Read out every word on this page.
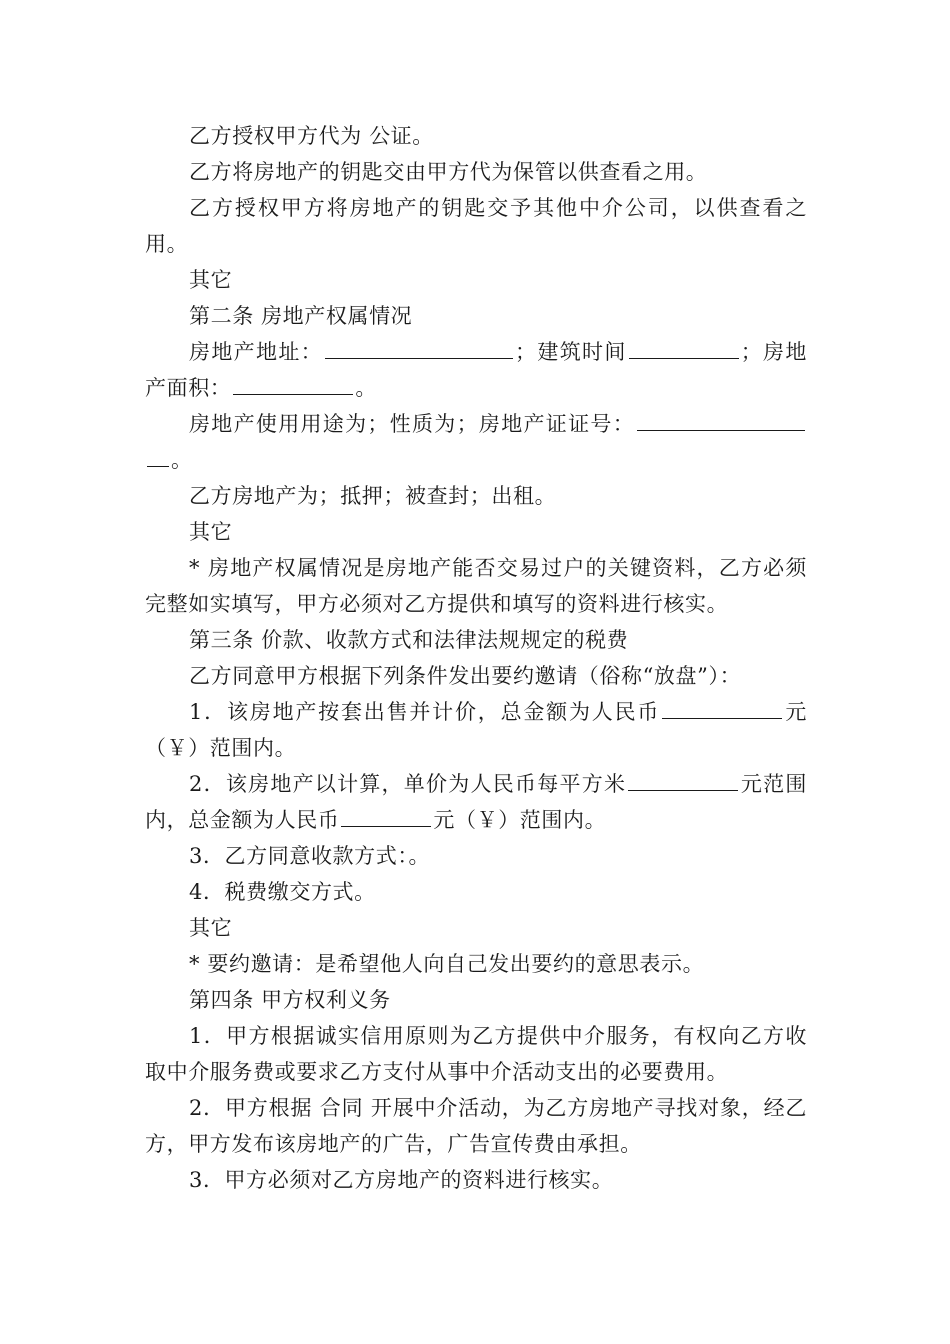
乙方授权甲方代为 公证。

乙方将房地产的钥匙交由甲方代为保管以供查看之用。

乙方授权甲方将房地产的钥匙交予其他中介公司，以供查看之用。

其它

第二条 房地产权属情况

房地产地址：	；建筑时间	；房地产面积：	。

房地产使用用途为；性质为；房地产证证号：。

乙方房地产为；抵押；被查封；出租。

其它

* 房地产权属情况是房地产能否交易过户的关键资料，乙方必须完整如实填写，甲方必须对乙方提供和填写的资料进行核实。

第三条 价款、收款方式和法律法规规定的税费

乙方同意甲方根据下列条件发出要约邀请（俗称“放盘”）：

1．该房地产按套出售并计价，总金额为人民币	元（￥）范围内。

2．该房地产以计算，单价为人民币每平方米	元范围内，总金额为人民币	元（￥）范围内。

3．乙方同意收款方式：。

4．税费缴交方式。

其它

* 要约邀请：是希望他人向自己发出要约的意思表示。

第四条 甲方权利义务

1．甲方根据诚实信用原则为乙方提供中介服务，有权向乙方收取中介服务费或要求乙方支付从事中介活动支出的必要费用。

2．甲方根据 合同 开展中介活动，为乙方房地产寻找对象，经乙方，甲方发布该房地产的广告，广告宣传费由承担。

3．甲方必须对乙方房地产的资料进行核实。
